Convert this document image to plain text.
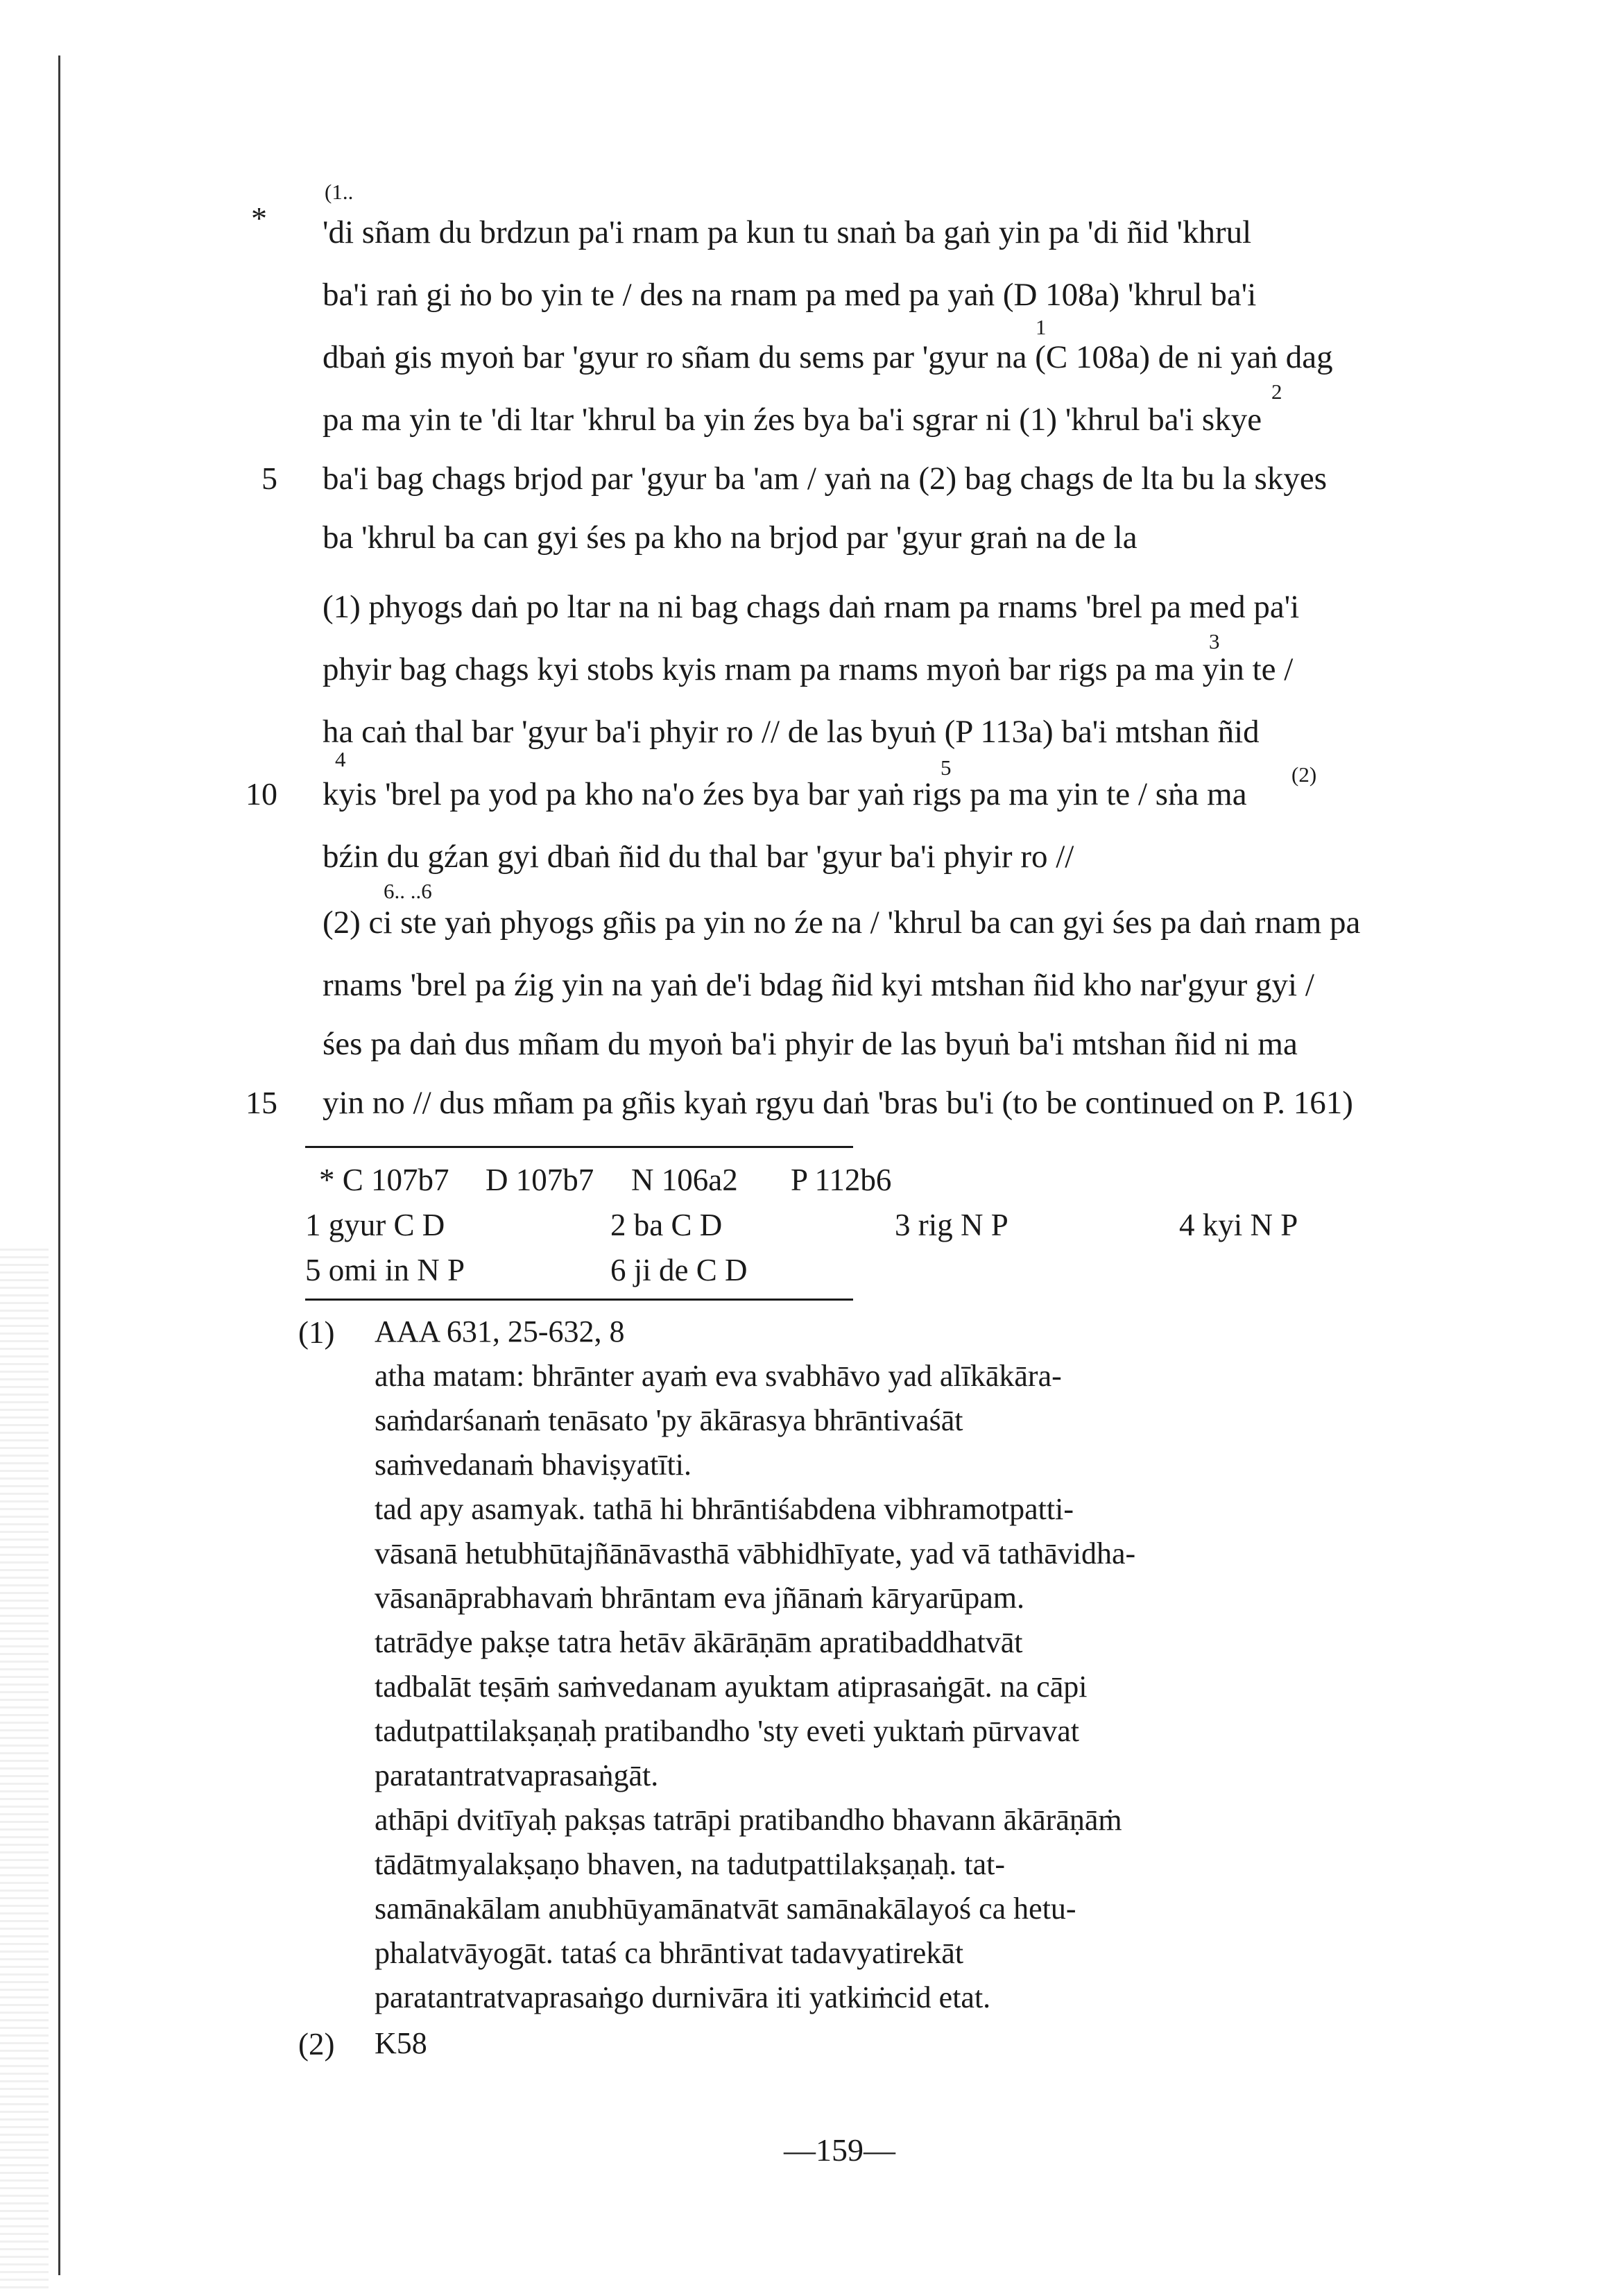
*
(1..
'di sñam du brdzun pa'i rnam pa kun tu snaṅ ba gaṅ yin pa 'di ñid 'khrul
ba'i raṅ gi ṅo bo yin te / des na rnam pa med pa yaṅ (D 108a) 'khrul ba'i
1
dbaṅ gis myoṅ bar 'gyur ro sñam du sems par 'gyur na (C 108a) de ni yaṅ dag
2
pa ma yin te 'di ltar 'khrul ba yin źes bya ba'i sgrar ni (1) 'khrul ba'i skye
5 ba'i bag chags brjod par 'gyur ba 'am / yaṅ na (2) bag chags de lta bu la skyes
ba 'khrul ba can gyi śes pa kho na brjod par 'gyur graṅ na de la
(1) phyogs daṅ po ltar na ni bag chags daṅ rnam pa rnams 'brel pa med pa'i
3
phyir bag chags kyi stobs kyis rnam pa rnams myoṅ bar rigs pa ma yin te /
ha caṅ thal bar 'gyur ba'i phyir ro // de las byuṅ (P 113a) ba'i mtshan ñid
4	5	(2)
10 kyis 'brel pa yod pa kho na'o źes bya bar yaṅ rigs pa ma yin te / sṅa ma
bźin du gźan gyi dbaṅ ñid du thal bar 'gyur ba'i phyir ro //
6.. ..6
(2) ci ste yaṅ phyogs gñis pa yin no źe na / 'khrul ba can gyi śes pa daṅ rnam pa
rnams 'brel pa źig yin na yaṅ de'i bdag ñid kyi mtshan ñid kho nar'gyur gyi /
śes pa daṅ dus mñam du myoṅ ba'i phyir de las byuṅ ba'i mtshan ñid ni ma
15 yin no // dus mñam pa gñis kyaṅ rgyu daṅ 'bras bu'i (to be continued on P. 161)
* C 107b7 D 107b7 N 106a2 P 112b6
1 gyur C D	2 ba C D	3 rig N P	4 kyi N P
5 omi in N P	6 ji de C D
(1) AAA 631, 25-632, 8
atha matam: bhrānter ayaṁ eva svabhāvo yad alīkākāra-
saṁdarśanaṁ tenāsato 'py ākārasya bhrāntivaśāt
saṁvedanaṁ bhaviṣyatīti.
tad apy asamyak. tathā hi bhrāntiśabdena vibhramotpatti-
vāsanā hetubhūtajñānāvasthā vābhidhīyate, yad vā tathāvidha-
vāsanāprabhavaṁ bhrāntam eva jñānaṁ kāryarūpam.
tatrādye pakṣe tatra hetāv ākārāṇām apratibaddhatvāt
tadbalāt teṣāṁ saṁvedanam ayuktam atiprasaṅgāt. na cāpi
tadutpattilakṣaṇaḥ pratibandho 'sty eveti yuktaṁ pūrvavat
paratantratvaprasaṅgāt.
athāpi dvitīyaḥ pakṣas tatrāpi pratibandho bhavann ākārāṇāṁ
tādātmyalakṣaṇo bhaven, na tadutpattilakṣaṇaḥ. tat-
samānakālam anubhūyamānatvāt samānakālayoś ca hetu-
phalatvāyogāt. tataś ca bhrāntivat tadavyatirekāt
paratantratvaprasaṅgo durnivāra iti yatkiṁcid etat.
(2) K58
—159—
